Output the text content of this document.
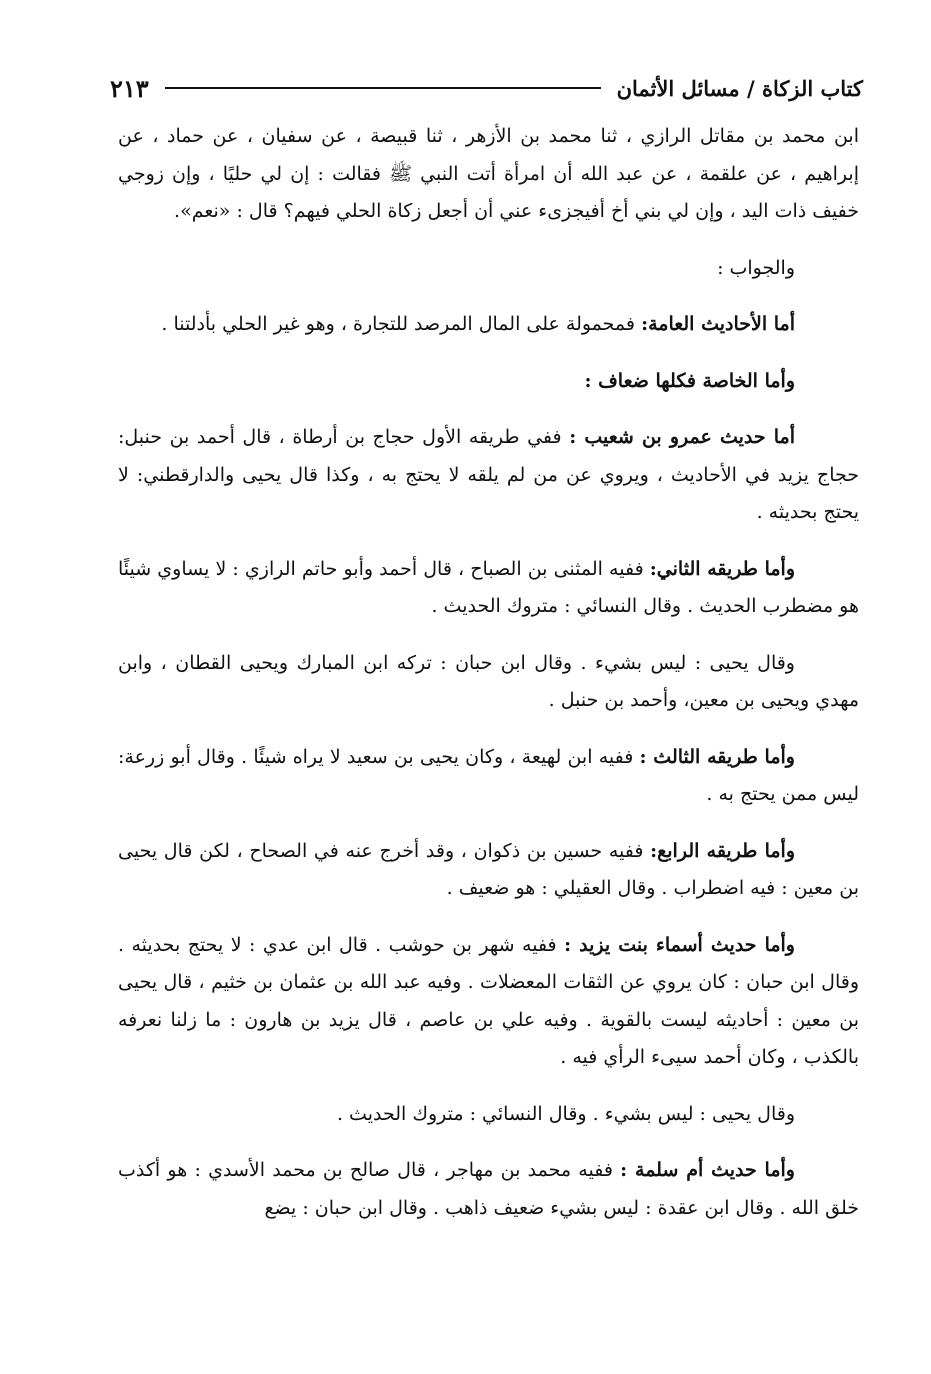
كتاب الزكاة / مسائل الأثمان
٢١٣

ابن محمد بن مقاتل الرازي ، ثنا محمد بن الأزهر ، ثنا قبيصة ، عن سفيان ، عن حماد ، عن إبراهيم ، عن علقمة ، عن عبد الله أن امرأة أتت النبي ﷺ فقالت : إن لي حليًا ، وإن زوجي خفيف ذات اليد ، وإن لي بني أخ أفيجزىء عني أن أجعل زكاة الحلي فيهم؟ قال : «نعم».

والجواب :

أما الأحاديث العامة: فمحمولة على المال المرصد للتجارة ، وهو غير الحلي بأدلتنا .

وأما الخاصة فكلها ضعاف :

أما حديث عمرو بن شعيب : ففي طريقه الأول حجاج بن أرطاة ، قال أحمد بن حنبل: حجاج يزيد في الأحاديث ، ويروي عن من لم يلقه لا يحتج به ، وكذا قال يحيى والدارقطني: لا يحتج بحديثه .

وأما طريقه الثاني: ففيه المثنى بن الصباح ، قال أحمد وأبو حاتم الرازي : لا يساوي شيئًا هو مضطرب الحديث . وقال النسائي : متروك الحديث .

وقال يحيى : ليس بشيء . وقال ابن حبان : تركه ابن المبارك ويحيى القطان ، وابن مهدي ويحيى بن معين، وأحمد بن حنبل .

وأما طريقه الثالث : ففيه ابن لهيعة ، وكان يحيى بن سعيد لا يراه شيئًا . وقال أبو زرعة: ليس ممن يحتج به .

وأما طريقه الرابع: ففيه حسين بن ذكوان ، وقد أخرج عنه في الصحاح ، لكن قال يحيى بن معين : فيه اضطراب . وقال العقيلي : هو ضعيف .

وأما حديث أسماء بنت يزيد : ففيه شهر بن حوشب . قال ابن عدي : لا يحتج بحديثه . وقال ابن حبان : كان يروي عن الثقات المعضلات . وفيه عبد الله بن عثمان بن خثيم ، قال يحيى بن معين : أحاديثه ليست بالقوية . وفيه علي بن عاصم ، قال يزيد بن هارون : ما زلنا نعرفه بالكذب ، وكان أحمد سيىء الرأي فيه .

وقال يحيى : ليس بشيء . وقال النسائي : متروك الحديث .

وأما حديث أم سلمة : ففيه محمد بن مهاجر ، قال صالح بن محمد الأسدي : هو أكذب خلق الله . وقال ابن عقدة : ليس بشيء ضعيف ذاهب . وقال ابن حبان : يضع
